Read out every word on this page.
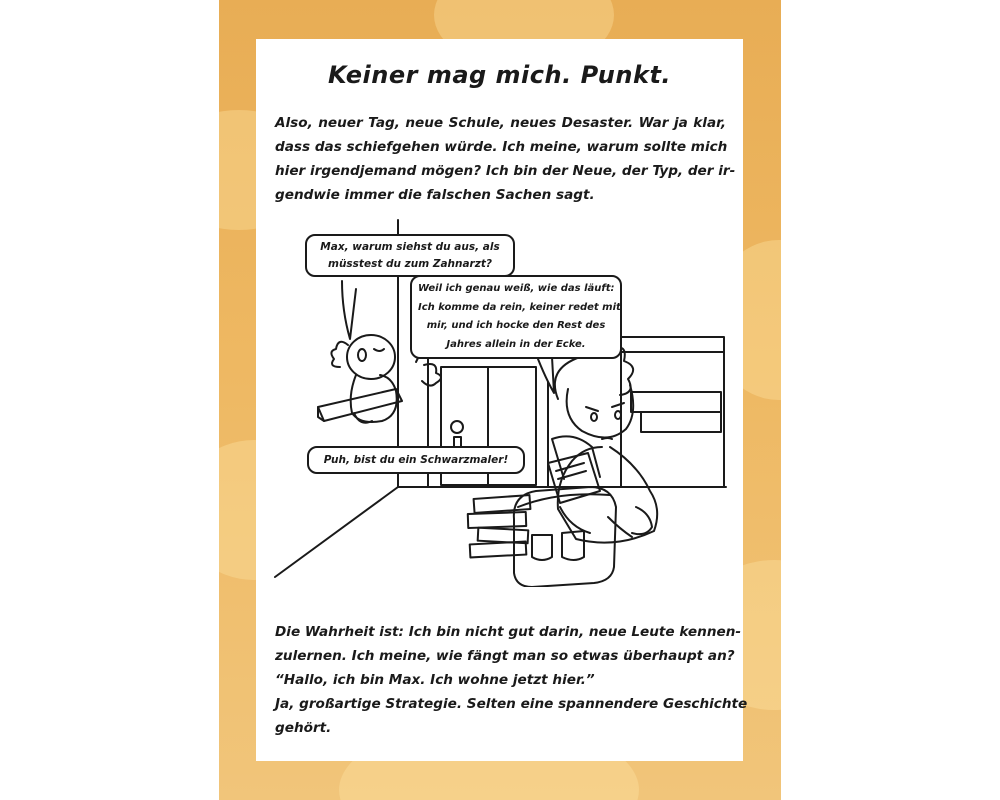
Keiner mag mich. Punkt.
Also, neuer Tag, neue Schule, neues Desaster. War ja klar,
dass das schiefgehen würde. Ich meine, warum sollte mich
hier irgendjemand mögen? Ich bin der Neue, der Typ, der ir-
gendwie immer die falschen Sachen sagt.
Max, warum siehst du aus, als
müsstest du zum Zahnarzt?
Weil ich genau weiß, wie das läuft:
Ich komme da rein, keiner redet mit
mir, und ich hocke den Rest des
Jahres allein in der Ecke.
Puh, bist du ein Schwarzmaler!
Die Wahrheit ist: Ich bin nicht gut darin, neue Leute kennen-
zulernen. Ich meine, wie fängt man so etwas überhaupt an?
“Hallo, ich bin Max. Ich wohne jetzt hier.”
Ja, großartige Strategie. Selten eine spannendere Geschichte
gehört.
